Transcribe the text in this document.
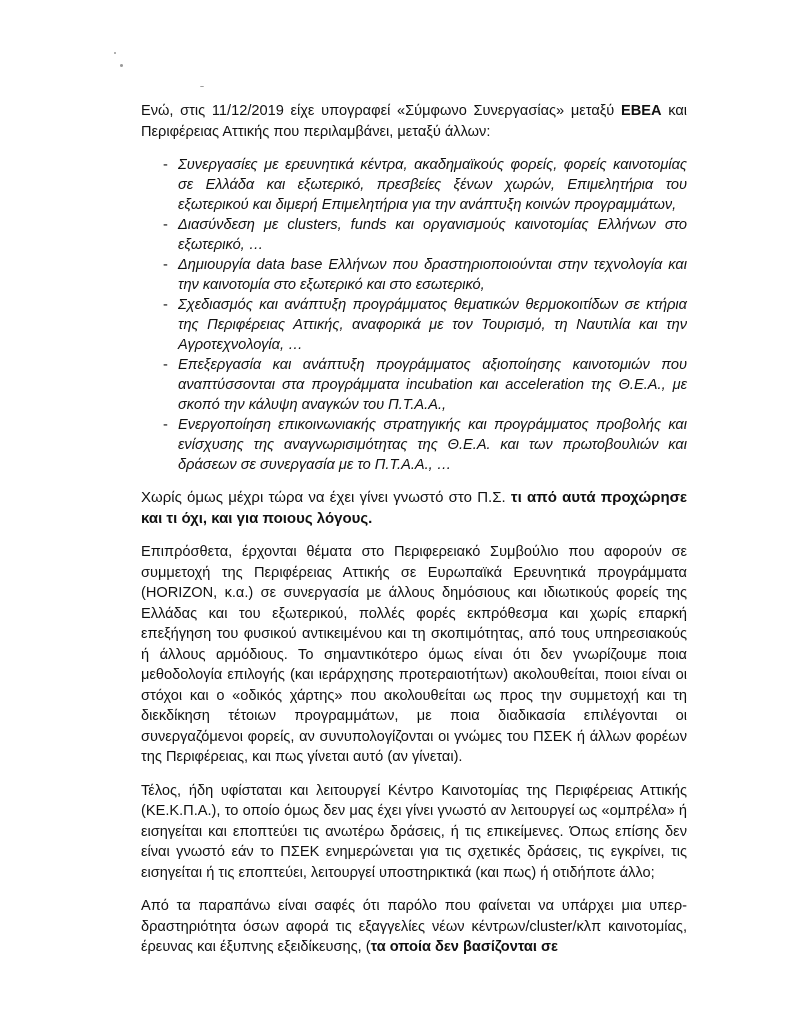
Ενώ, στις 11/12/2019 είχε υπογραφεί «Σύμφωνο Συνεργασίας» μεταξύ ΕΒΕΑ και Περιφέρειας Αττικής που περιλαμβάνει, μεταξύ άλλων:

- Συνεργασίες με ερευνητικά κέντρα, ακαδημαϊκούς φορείς, φορείς καινοτομίας σε Ελλάδα και εξωτερικό, πρεσβείες ξένων χωρών, Επιμελητήρια του εξωτερικού και διμερή Επιμελητήρια για την ανάπτυξη κοινών προγραμμάτων,
- Διασύνδεση με clusters, funds και οργανισμούς καινοτομίας Ελλήνων στο εξωτερικό, …
- Δημιουργία data base Ελλήνων που δραστηριοποιούνται στην τεχνολογία και την καινοτομία στο εξωτερικό και στο εσωτερικό,
- Σχεδιασμός και ανάπτυξη προγράμματος θεματικών θερμοκοιτίδων σε κτήρια της Περιφέρειας Αττικής, αναφορικά με τον Τουρισμό, τη Ναυτιλία και την Αγροτεχνολογία, …
- Επεξεργασία και ανάπτυξη προγράμματος αξιοποίησης καινοτομιών που αναπτύσσονται στα προγράμματα incubation και acceleration της Θ.Ε.Α., με σκοπό την κάλυψη αναγκών του Π.Τ.Α.Α.,
- Ενεργοποίηση επικοινωνιακής στρατηγικής και προγράμματος προβολής και ενίσχυσης της αναγνωρισιμότητας της Θ.Ε.Α. και των πρωτοβουλιών και δράσεων σε συνεργασία με το Π.Τ.Α.Α., …

Χωρίς όμως μέχρι τώρα να έχει γίνει γνωστό στο Π.Σ. τι από αυτά προχώρησε και τι όχι, και για ποιους λόγους.

Επιπρόσθετα, έρχονται θέματα στο Περιφερειακό Συμβούλιο που αφορούν σε συμμετοχή της Περιφέρειας Αττικής σε Ευρωπαϊκά Ερευνητικά προγράμματα (HORIZON, κ.α.) σε συνεργασία με άλλους δημόσιους και ιδιωτικούς φορείς της Ελλάδας και του εξωτερικού, πολλές φορές εκπρόθεσμα και χωρίς επαρκή επεξήγηση του φυσικού αντικειμένου και τη σκοπιμότητας, από τους υπηρεσιακούς ή άλλους αρμόδιους. Το σημαντικότερο όμως είναι ότι δεν γνωρίζουμε ποια μεθοδολογία επιλογής (και ιεράρχησης προτεραιοτήτων) ακολουθείται, ποιοι είναι οι στόχοι και ο «οδικός χάρτης» που ακολουθείται ως προς την συμμετοχή και τη διεκδίκηση τέτοιων προγραμμάτων, με ποια διαδικασία επιλέγονται οι συνεργαζόμενοι φορείς, αν συνυπολογίζονται οι γνώμες του ΠΣΕΚ ή άλλων φορέων της Περιφέρειας, και πως γίνεται αυτό (αν γίνεται).

Τέλος, ήδη υφίσταται και λειτουργεί Κέντρο Καινοτομίας της Περιφέρειας Αττικής (ΚΕ.Κ.Π.Α.), το οποίο όμως δεν μας έχει γίνει γνωστό αν λειτουργεί ως «ομπρέλα» ή εισηγείται και εποπτεύει τις ανωτέρω δράσεις, ή τις επικείμενες. Όπως επίσης δεν είναι γνωστό εάν το ΠΣΕΚ ενημερώνεται για τις σχετικές δράσεις, τις εγκρίνει, τις εισηγείται ή τις εποπτεύει, λειτουργεί υποστηρικτικά (και πως) ή οτιδήποτε άλλο;

Από τα παραπάνω είναι σαφές ότι παρόλο που φαίνεται να υπάρχει μια υπερ-δραστηριότητα όσων αφορά τις εξαγγελίες νέων κέντρων/cluster/κλπ καινοτομίας, έρευνας και έξυπνης εξειδίκευσης, (τα οποία δεν βασίζονται σε
